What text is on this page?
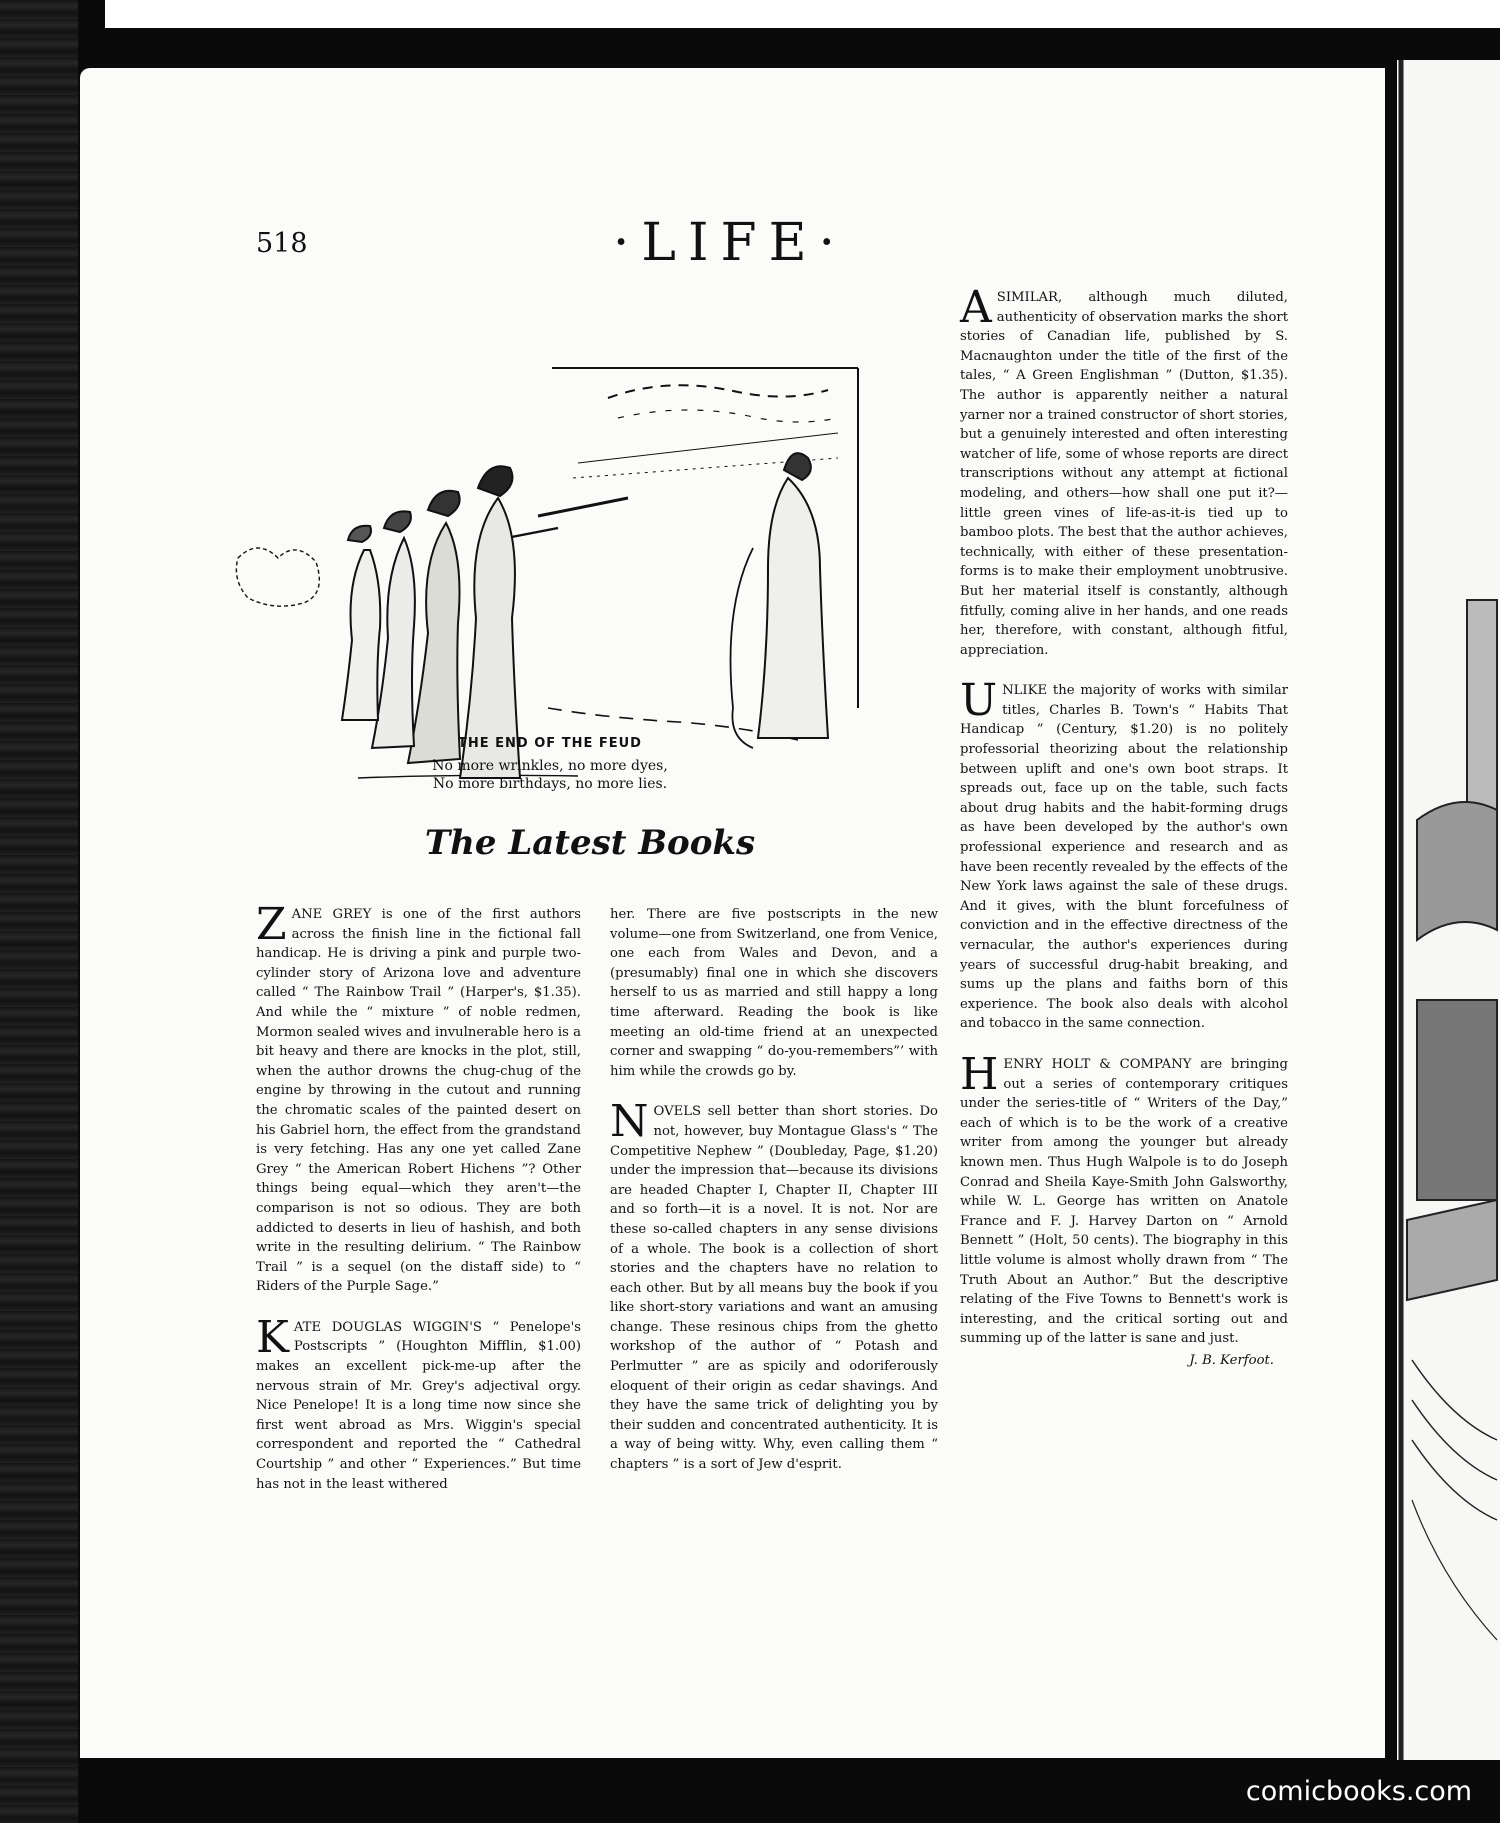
518	·LIFE·
THE END OF THE FEUD
No more wrinkles, no more dyes,
No more birthdays, no more lies.
The Latest Books

ZANE GREY is one of the first authors across the finish line in the fictional fall handicap. He is driving a pink and purple two-cylinder story of Arizona love and adventure called “ The Rainbow Trail ” (Harper's, $1.35). And while the “ mixture ” of noble redmen, Mormon sealed wives and invulnerable hero is a bit heavy and there are knocks in the plot, still, when the author drowns the chug-chug of the engine by throwing in the cutout and running the chromatic scales of the painted desert on his Gabriel horn, the effect from the grandstand is very fetching. Has any one yet called Zane Grey “ the American Robert Hichens ”? Other things being equal—which they aren't—the comparison is not so odious. They are both addicted to deserts in lieu of hashish, and both write in the resulting delirium. “ The Rainbow Trail ” is a sequel (on the distaff side) to “ Riders of the Purple Sage.”

KATE DOUGLAS WIGGIN'S “ Penelope's Postscripts ” (Houghton Mifflin, $1.00) makes an excellent pick-me-up after the nervous strain of Mr. Grey's adjectival orgy. Nice Penelope! It is a long time now since she first went abroad as Mrs. Wiggin's special correspondent and reported the “ Cathedral Courtship ” and other “ Experiences.” But time has not in the least withered

her. There are five postscripts in the new volume—one from Switzerland, one from Venice, one each from Wales and Devon, and a (presumably) final one in which she discovers herself to us as married and still happy a long time afterward. Reading the book is like meeting an old-time friend at an unexpected corner and swapping “ do-you-remembers”’ with him while the crowds go by.

NOVELS sell better than short stories. Do not, however, buy Montague Glass's “ The Competitive Nephew ” (Doubleday, Page, $1.20) under the impression that—because its divisions are headed Chapter I, Chapter II, Chapter III and so forth—it is a novel. It is not. Nor are these so-called chapters in any sense divisions of a whole. The book is a collection of short stories and the chapters have no relation to each other. But by all means buy the book if you like short-story variations and want an amusing change. These resinous chips from the ghetto workshop of the author of “ Potash and Perlmutter ” are as spicily and odoriferously eloquent of their origin as cedar shavings. And they have the same trick of delighting you by their sudden and concentrated authenticity. It is a way of being witty. Why, even calling them “ chapters ” is a sort of Jew d'esprit.

ASIMILAR, although much diluted, authenticity of observation marks the short stories of Canadian life, published by S. Macnaughton under the title of the first of the tales, “ A Green Englishman ” (Dutton, $1.35). The author is apparently neither a natural yarner nor a trained constructor of short stories, but a genuinely interested and often interesting watcher of life, some of whose reports are direct transcriptions without any attempt at fictional modeling, and others—how shall one put it?—little green vines of life-as-it-is tied up to bamboo plots. The best that the author achieves, technically, with either of these presentation-forms is to make their employment unobtrusive. But her material itself is constantly, although fitfully, coming alive in her hands, and one reads her, therefore, with constant, although fitful, appreciation.

UNLIKE the majority of works with similar titles, Charles B. Town's “ Habits That Handicap ” (Century, $1.20) is no politely professorial theorizing about the relationship between uplift and one's own boot straps. It spreads out, face up on the table, such facts about drug habits and the habit-forming drugs as have been developed by the author's own professional experience and research and as have been recently revealed by the effects of the New York laws against the sale of these drugs. And it gives, with the blunt forcefulness of conviction and in the effective directness of the vernacular, the author's experiences during years of successful drug-habit breaking, and sums up the plans and faiths born of this experience. The book also deals with alcohol and tobacco in the same connection.

HENRY HOLT & COMPANY are bringing out a series of contemporary critiques under the series-title of “ Writers of the Day,” each of which is to be the work of a creative writer from among the younger but already known men. Thus Hugh Walpole is to do Joseph Conrad and Sheila Kaye-Smith John Galsworthy, while W. L. George has written on Anatole France and F. J. Harvey Darton on “ Arnold Bennett ” (Holt, 50 cents). The biography in this little volume is almost wholly drawn from “ The Truth About an Author.” But the descriptive relating of the Five Towns to Bennett's work is interesting, and the critical sorting out and summing up of the latter is sane and just.

J. B. Kerfoot.
comicbooks.com
